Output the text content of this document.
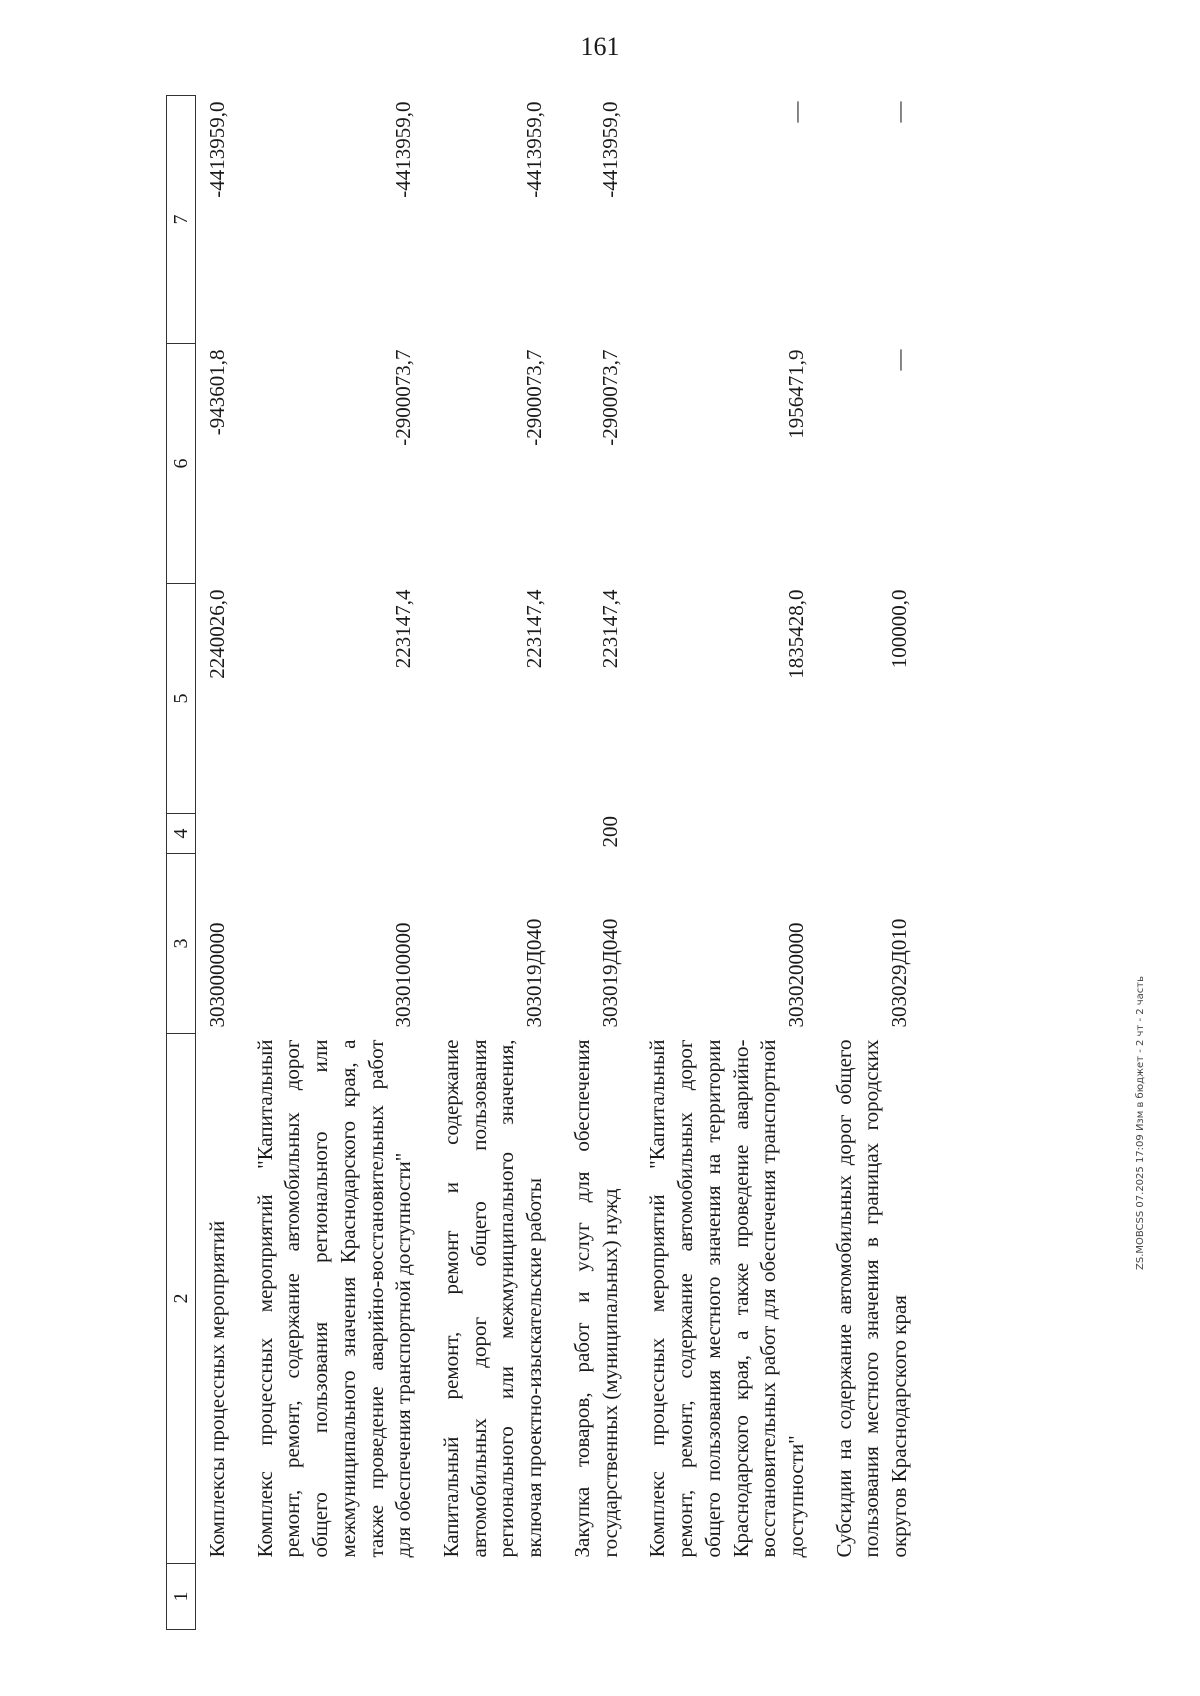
161
1	2	3	4	5	6	7
	Комплексы процессных мероприятий	3030000000		2240026,0	-943601,8	-4413959,0
	Комплекс процессных мероприятий "Капитальный ремонт, ремонт, содержание автомобильных дорог общего пользования регионального или межмуниципального значения Краснодарского края, а также проведение аварийно-восстановительных работ для обеспечения транспортной доступности"	3030100000		223147,4	-2900073,7	-4413959,0
	Капитальный ремонт, ремонт и содержание автомобильных дорог общего пользования регионального или межмуниципального значения, включая проектно-изыскательские работы	303019Д040		223147,4	-2900073,7	-4413959,0
	Закупка товаров, работ и услуг для обеспечения государственных (муниципальных) нужд	303019Д040	200	223147,4	-2900073,7	-4413959,0
	Комплекс процессных мероприятий "Капитальный ремонт, ремонт, содержание автомобильных дорог общего пользования местного значения на территории Краснодарского края, а также проведение аварийно-восстановительных работ для обеспечения транспортной доступности"	3030200000		1835428,0	1956471,9	—
	Субсидии на содержание автомобильных дорог общего пользования местного значения в границах городских округов Краснодарского края	303029Д010		100000,0	—	—
ZS.MOBCSS 07.2025 17:09 Изм в бюджет - 2 чт - 2 часть
